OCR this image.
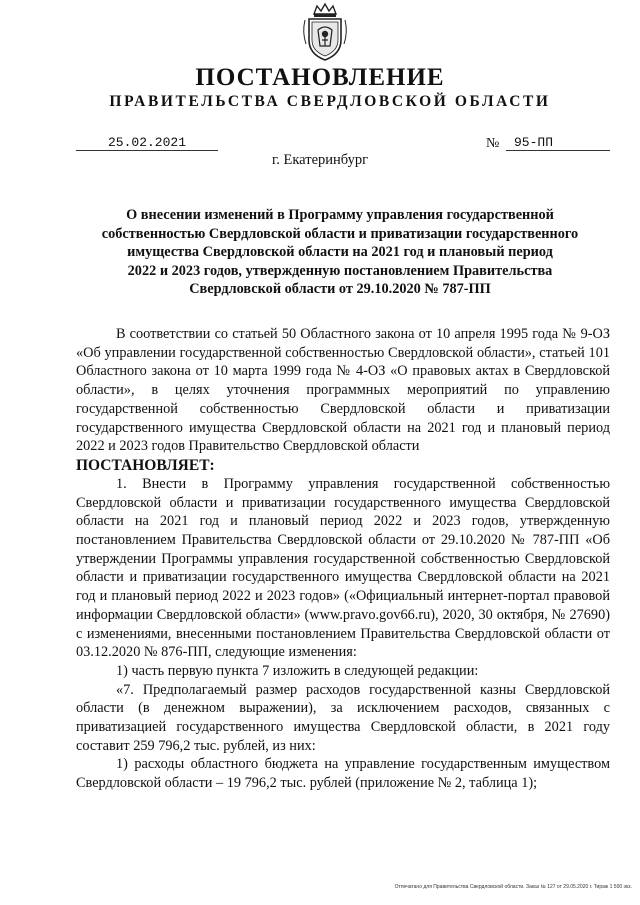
ПОСТАНОВЛЕНИЕ
ПРАВИТЕЛЬСТВА СВЕРДЛОВСКОЙ ОБЛАСТИ
25.02.2021	№	95-ПП
г. Екатеринбург
О внесении изменений в Программу управления государственной
собственностью Свердловской области и приватизации государственного
имущества Свердловской области на 2021 год и плановый период
2022 и 2023 годов, утвержденную постановлением Правительства
Свердловской области от 29.10.2020 № 787-ПП

В соответствии со статьей 50 Областного закона от 10 апреля 1995 года № 9-ОЗ «Об управлении государственной собственностью Свердловской области», статьей 101 Областного закона от 10 марта 1999 года № 4-ОЗ «О правовых актах в Свердловской области», в целях уточнения программных мероприятий по управлению государственной собственностью Свердловской области и приватизации государственного имущества Свердловской области на 2021 год и плановый период 2022 и 2023 годов Правительство Свердловской области

ПОСТАНОВЛЯЕТ:

1. Внести в Программу управления государственной собственностью Свердловской области и приватизации государственного имущества Свердловской области на 2021 год и плановый период 2022 и 2023 годов, утвержденную постановлением Правительства Свердловской области от 29.10.2020 № 787-ПП «Об утверждении Программы управления государственной собственностью Свердловской области и приватизации государственного имущества Свердловской области на 2021 год и плановый период 2022 и 2023 годов» («Официальный интернет-портал правовой информации Свердловской области» (www.pravo.gov66.ru), 2020, 30 октября, № 27690) с изменениями, внесенными постановлением Правительства Свердловской области от 03.12.2020 № 876-ПП, следующие изменения:

1) часть первую пункта 7 изложить в следующей редакции:

«7. Предполагаемый размер расходов государственной казны Свердловской области (в денежном выражении), за исключением расходов, связанных с приватизацией государственного имущества Свердловской области, в 2021 году составит 259 796,2 тыс. рублей, из них:

1) расходы областного бюджета на управление государственным имуществом Свердловской области – 19 796,2 тыс. рублей (приложение № 2, таблица 1);

Отпечатано для Правительства Свердловской области. Заказ № 127 от 29.05.2020 г. Тираж 1 500 экз.
